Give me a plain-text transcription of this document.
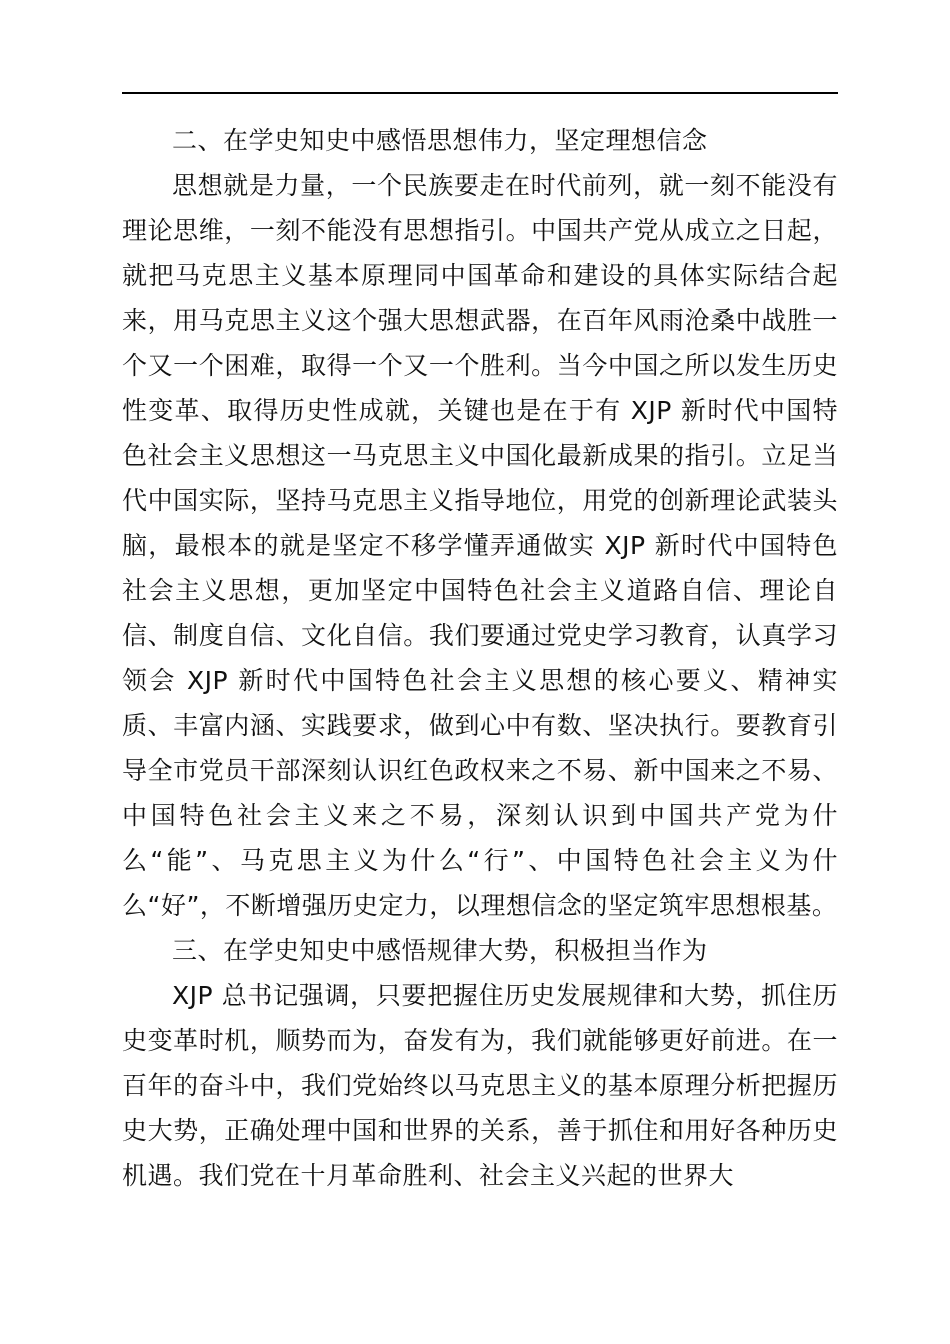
二、在学史知史中感悟思想伟力，坚定理想信念

思想就是力量，一个民族要走在时代前列，就一刻不能没有理论思维，一刻不能没有思想指引。中国共产党从成立之日起，就把马克思主义基本原理同中国革命和建设的具体实际结合起来，用马克思主义这个强大思想武器，在百年风雨沧桑中战胜一个又一个困难，取得一个又一个胜利。当今中国之所以发生历史性变革、取得历史性成就，关键也是在于有 XJP 新时代中国特色社会主义思想这一马克思主义中国化最新成果的指引。立足当代中国实际，坚持马克思主义指导地位，用党的创新理论武装头脑，最根本的就是坚定不移学懂弄通做实 XJP 新时代中国特色社会主义思想，更加坚定中国特色社会主义道路自信、理论自信、制度自信、文化自信。我们要通过党史学习教育，认真学习领会 XJP 新时代中国特色社会主义思想的核心要义、精神实质、丰富内涵、实践要求，做到心中有数、坚决执行。要教育引导全市党员干部深刻认识红色政权来之不易、新中国来之不易、中国特色社会主义来之不易，深刻认识到中国共产党为什么“能”、马克思主义为什么“行”、中国特色社会主义为什么“好”，不断增强历史定力，以理想信念的坚定筑牢思想根基。

三、在学史知史中感悟规律大势，积极担当作为

XJP 总书记强调，只要把握住历史发展规律和大势，抓住历史变革时机，顺势而为，奋发有为，我们就能够更好前进。在一百年的奋斗中，我们党始终以马克思主义的基本原理分析把握历史大势，正确处理中国和世界的关系，善于抓住和用好各种历史机遇。我们党在十月革命胜利、社会主义兴起的世界大
